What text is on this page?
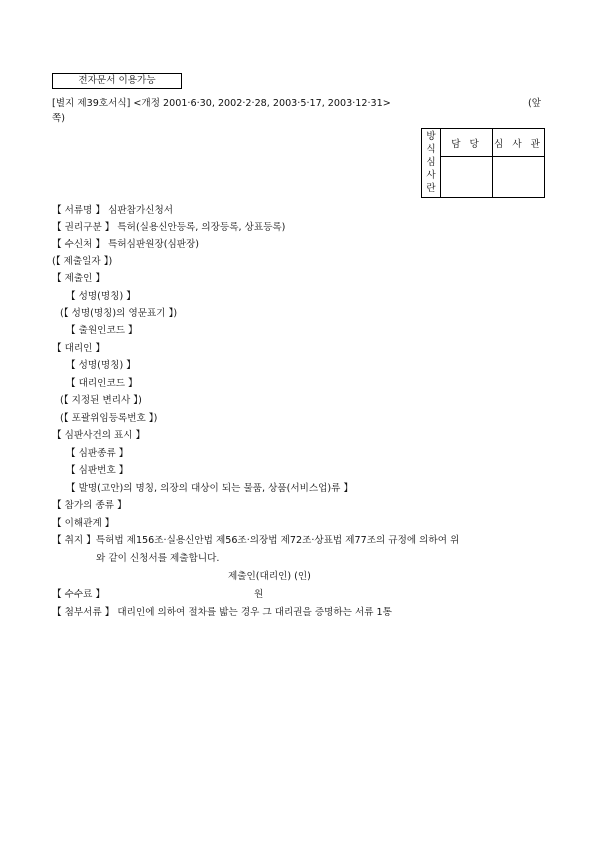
전자문서 이용가능
[별지 제39호서식] <개정 2001·6·30, 2002·2·28, 2003·5·17, 2003·12·31>	(앞
쪽)
방
식
심
사
란	담 당	심 사 관

【 서류명 】 심판참가신청서
【 권리구분 】 특허(실용신안등록, 의장등록, 상표등록)
【 수신처 】 특허심판원장(심판장)
(【 제출일자 】)
【 제출인 】
【 성명(명칭) 】
(【 성명(명칭)의 영문표기 】)
【 출원인코드 】
【 대리인 】
【 성명(명칭) 】
【 대리인코드 】
(【 지정된 변리사 】)
(【 포괄위임등록번호 】)
【 심판사건의 표시 】
【 심판종류 】
【 심판번호 】
【 발명(고안)의 명칭, 의장의 대상이 되는 물품, 상품(서비스업)류 】
【 참가의 종류 】
【 이해관계 】
【 취지 】특허법 제156조·실용신안법 제56조·의장법 제72조·상표법 제77조의 규정에 의하여 위
와 같이 신청서를 제출합니다.
제출인(대리인) (인)
【 수수료 】	원
【 첨부서류 】 대리인에 의하여 절차를 밟는 경우 그 대리권을 증명하는 서류 1통
